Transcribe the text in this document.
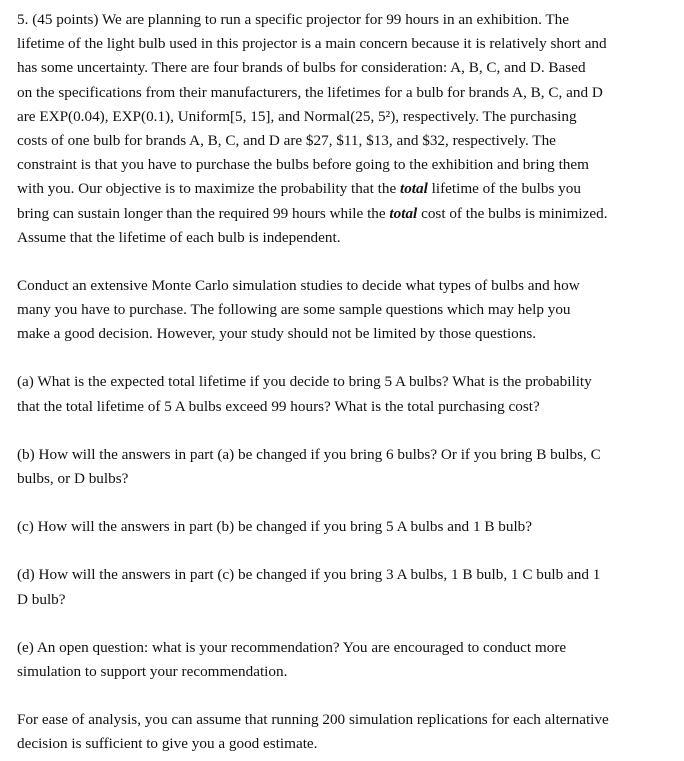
5. (45 points) We are planning to run a specific projector for 99 hours in an exhibition. The
lifetime of the light bulb used in this projector is a main concern because it is relatively short and
has some uncertainty. There are four brands of bulbs for consideration: A, B, C, and D. Based
on the specifications from their manufacturers, the lifetimes for a bulb for brands A, B, C, and D
are EXP(0.04), EXP(0.1), Uniform[5, 15], and Normal(25, 5²), respectively. The purchasing
costs of one bulb for brands A, B, C, and D are $27, $11, $13, and $32, respectively. The
constraint is that you have to purchase the bulbs before going to the exhibition and bring them
with you. Our objective is to maximize the probability that the total lifetime of the bulbs you
bring can sustain longer than the required 99 hours while the total cost of the bulbs is minimized.
Assume that the lifetime of each bulb is independent.
Conduct an extensive Monte Carlo simulation studies to decide what types of bulbs and how
many you have to purchase. The following are some sample questions which may help you
make a good decision. However, your study should not be limited by those questions.
(a) What is the expected total lifetime if you decide to bring 5 A bulbs? What is the probability
that the total lifetime of 5 A bulbs exceed 99 hours? What is the total purchasing cost?
(b) How will the answers in part (a) be changed if you bring 6 bulbs? Or if you bring B bulbs, C
bulbs, or D bulbs?
(c) How will the answers in part (b) be changed if you bring 5 A bulbs and 1 B bulb?
(d) How will the answers in part (c) be changed if you bring 3 A bulbs, 1 B bulb, 1 C bulb and 1
D bulb?
(e) An open question: what is your recommendation? You are encouraged to conduct more
simulation to support your recommendation.
For ease of analysis, you can assume that running 200 simulation replications for each alternative
decision is sufficient to give you a good estimate.
